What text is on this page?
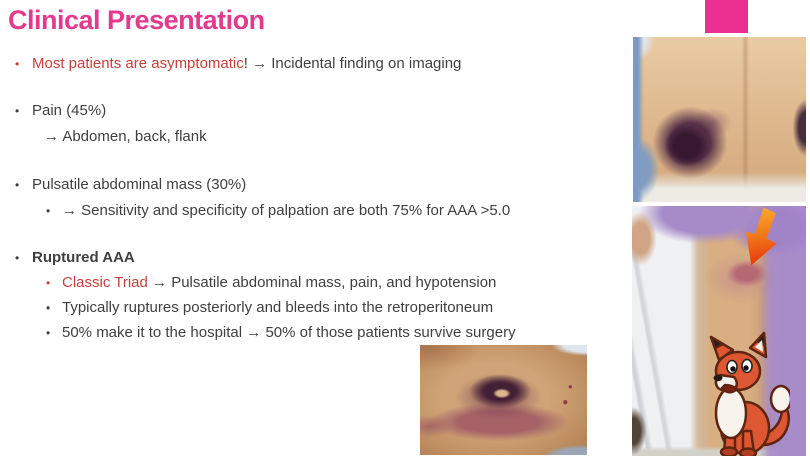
Clinical Presentation
• Most patients are asymptomatic! → Incidental finding on imaging
• Pain (45%)
→ Abdomen, back, flank
• Pulsatile abdominal mass (30%)
• → Sensitivity and specificity of palpation are both 75% for AAA >5.0
• Ruptured AAA
• Classic Triad → Pulsatile abdominal mass, pain, and hypotension
• Typically ruptures posteriorly and bleeds into the retroperitoneum
• 50% make it to the hospital → 50% of those patients survive surgery
